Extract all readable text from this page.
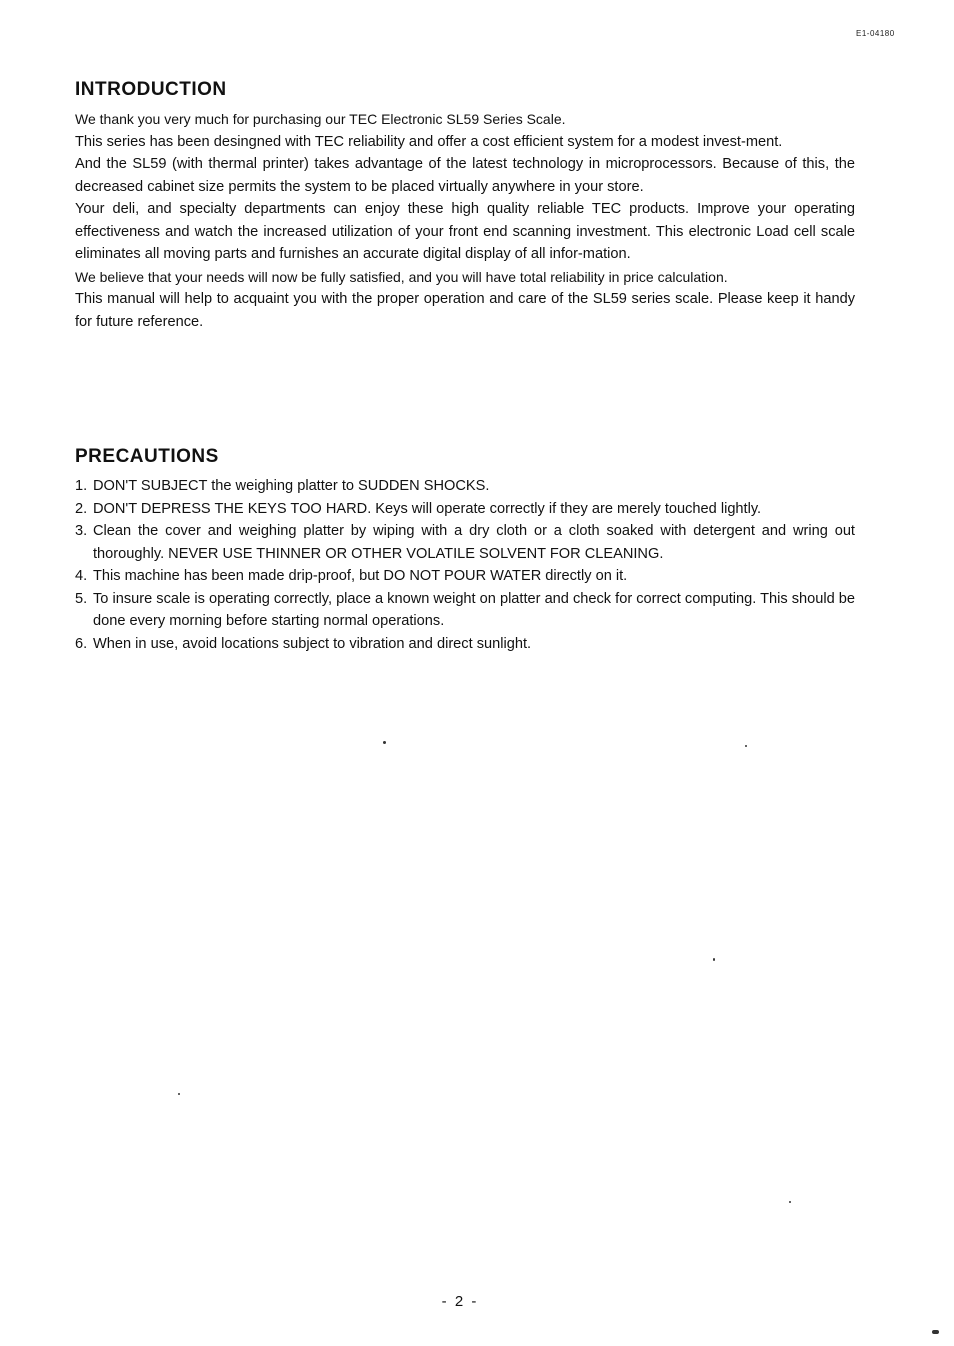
E1-04180
INTRODUCTION

We thank you very much for purchasing our TEC Electronic SL59 Series Scale.

This series has been desingned with TEC reliability and offer a cost efficient system for a modest invest-ment.

And the SL59 (with thermal printer) takes advantage of the latest technology in microprocessors. Because of this, the decreased cabinet size permits the system to be placed virtually anywhere in your store.

Your deli, and specialty departments can enjoy these high quality reliable TEC products. Improve your operating effectiveness and watch the increased utilization of your front end scanning investment. This electronic Load cell scale eliminates all moving parts and furnishes an accurate digital display of all infor-mation.

We believe that your needs will now be fully satisfied, and you will have total reliability in price calculation.

This manual will help to acquaint you with the proper operation and care of the SL59 series scale. Please keep it handy for future reference.

PRECAUTIONS
1. DON'T SUBJECT the weighing platter to SUDDEN SHOCKS.
2. DON'T DEPRESS THE KEYS TOO HARD. Keys will operate correctly if they are merely touched lightly.
3. Clean the cover and weighing platter by wiping with a dry cloth or a cloth soaked with detergent and wring out thoroughly. NEVER USE THINNER OR OTHER VOLATILE SOLVENT FOR CLEANING.
4. This machine has been made drip-proof, but DO NOT POUR WATER directly on it.
5. To insure scale is operating correctly, place a known weight on platter and check for correct computing. This should be done every morning before starting normal operations.
6. When in use, avoid locations subject to vibration and direct sunlight.
- 2 -
